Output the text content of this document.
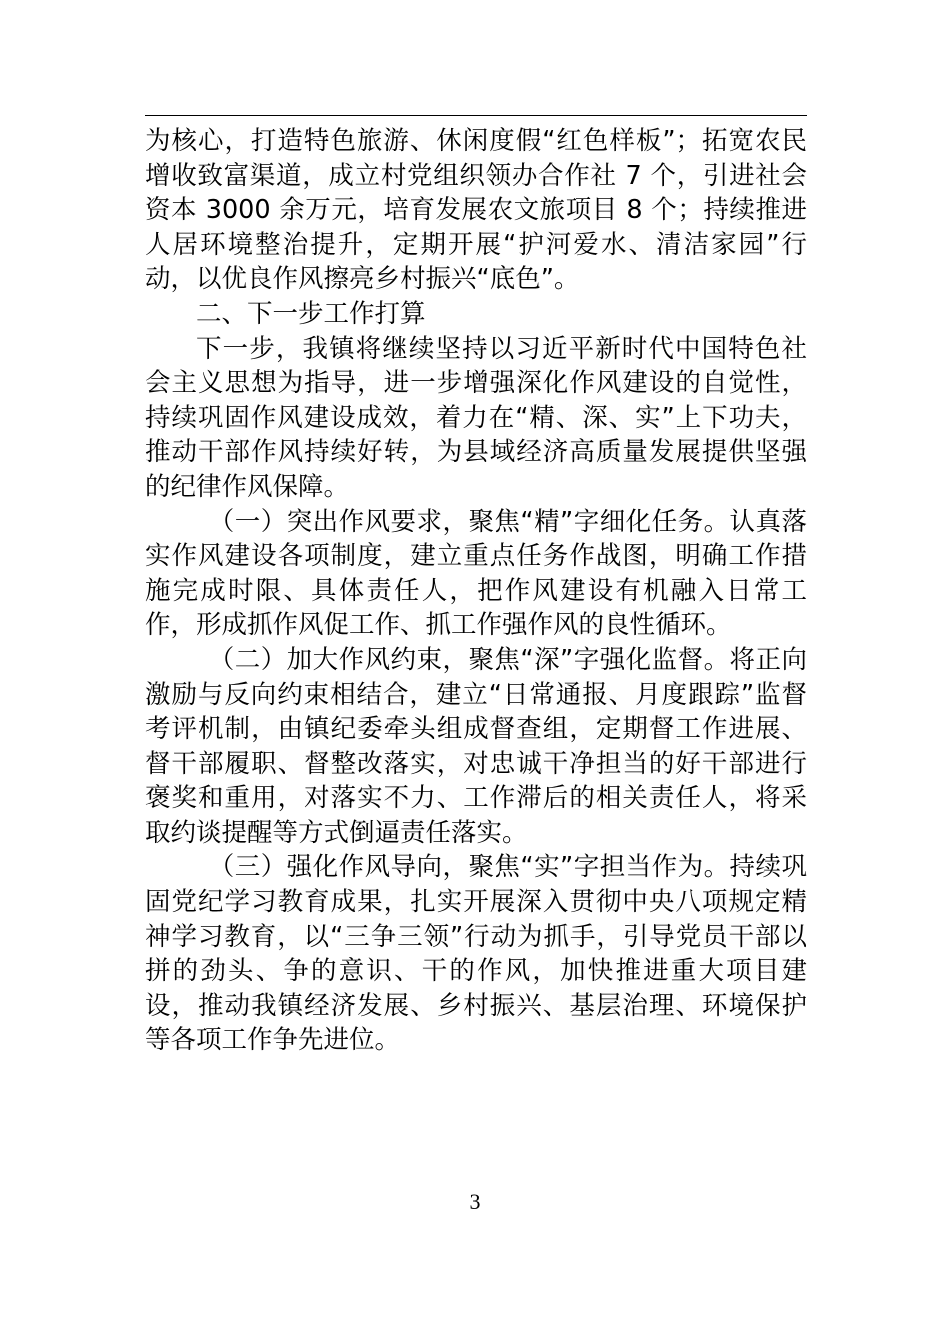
为核心，打造特色旅游、休闲度假“红色样板”；拓宽农民增收致富渠道，成立村党组织领办合作社 7 个，引进社会资本 3000 余万元，培育发展农文旅项目 8 个；持续推进人居环境整治提升，定期开展“护河爱水、清洁家园”行动，以优良作风擦亮乡村振兴“底色”。

二、下一步工作打算

下一步，我镇将继续坚持以习近平新时代中国特色社会主义思想为指导，进一步增强深化作风建设的自觉性，持续巩固作风建设成效，着力在“精、深、实”上下功夫，推动干部作风持续好转，为县域经济高质量发展提供坚强的纪律作风保障。

（一）突出作风要求，聚焦“精”字细化任务。认真落实作风建设各项制度，建立重点任务作战图，明确工作措施完成时限、具体责任人，把作风建设有机融入日常工作，形成抓作风促工作、抓工作强作风的良性循环。

（二）加大作风约束，聚焦“深”字强化监督。将正向激励与反向约束相结合，建立“日常通报、月度跟踪”监督考评机制，由镇纪委牵头组成督查组，定期督工作进展、督干部履职、督整改落实，对忠诚干净担当的好干部进行褒奖和重用，对落实不力、工作滞后的相关责任人，将采取约谈提醒等方式倒逼责任落实。

（三）强化作风导向，聚焦“实”字担当作为。持续巩固党纪学习教育成果，扎实开展深入贯彻中央八项规定精神学习教育，以“三争三领”行动为抓手，引导党员干部以拼的劲头、争的意识、干的作风，加快推进重大项目建设，推动我镇经济发展、乡村振兴、基层治理、环境保护等各项工作争先进位。

3
